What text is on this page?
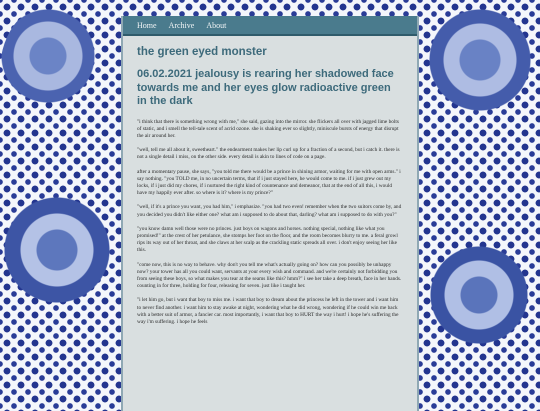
Home Archive About
the green eyed monster
06.02.2021 jealousy is rearing her shadowed face towards me and her eyes glow radioactive green in the dark

"i think that there is something wrong with me," she said, gazing into the mirror. she flickers all over with jagged lime bolts of static, and i smell the tell-tale scent of acrid ozone. she is shaking ever so slightly, miniscule bursts of energy that disrupt the air around her.

"well, tell me all about it, sweetheart." the endearment makes her lip curl up for a fraction of a second, but i catch it. there is not a single detail i miss, on the other side. every detail is akin to lines of code on a page.

after a momentary pause, she says, "you told me there would be a prince in shining armor, waiting for me with open arms." i say nothing. "you TOLD me, in no uncertain terms, that if i just stayed here, he would come to me. if i just grew out my locks, if i just did my chores, if i nurtured the right kind of countenance and demeanor, that at the end of all this, i would have my happily ever after. so where is it? where is my prince?"

"well, if it's a prince you want, you had him," i emphasize. "you had two even! remember when the two suitors come by, and you decided you didn't like either one? what am i supposed to do about that, darling? what am i supposed to do with you?"

"you know damn well those were no princes. just boys on wagons and horses. nothing special, nothing like what you promised!" at the crest of her petulance, she stomps her foot on the floor, and the room becomes blurry to me. a feral growl rips its way out of her throat, and she claws at her scalp as the crackling static spreads all over. i don't enjoy seeing her like this.

"come now, this is no way to behave. why don't you tell me what's actually going on? how can you possibly be unhappy now? your tower has all you could want, servants at your every wish and command. and we're certainly not forbidding you from seeing these boys, so what makes you tear at the seams like this? hmm?" i see her take a deep breath, face in her hands. counting in for three, holding for four, releasing for seven. just like i taught her.

"i let him go, but i want that boy to miss me. i want that boy to dream about the princess he left in the tower and i want him to never find another. i want him to stay awake at night, wondering what he did wrong, wondering if he could win me back with a better suit of armor, a fancier car. most importantly, i want that boy to HURT the way i hurt! i hope he's suffering the way i'm suffering. i hope he feels
